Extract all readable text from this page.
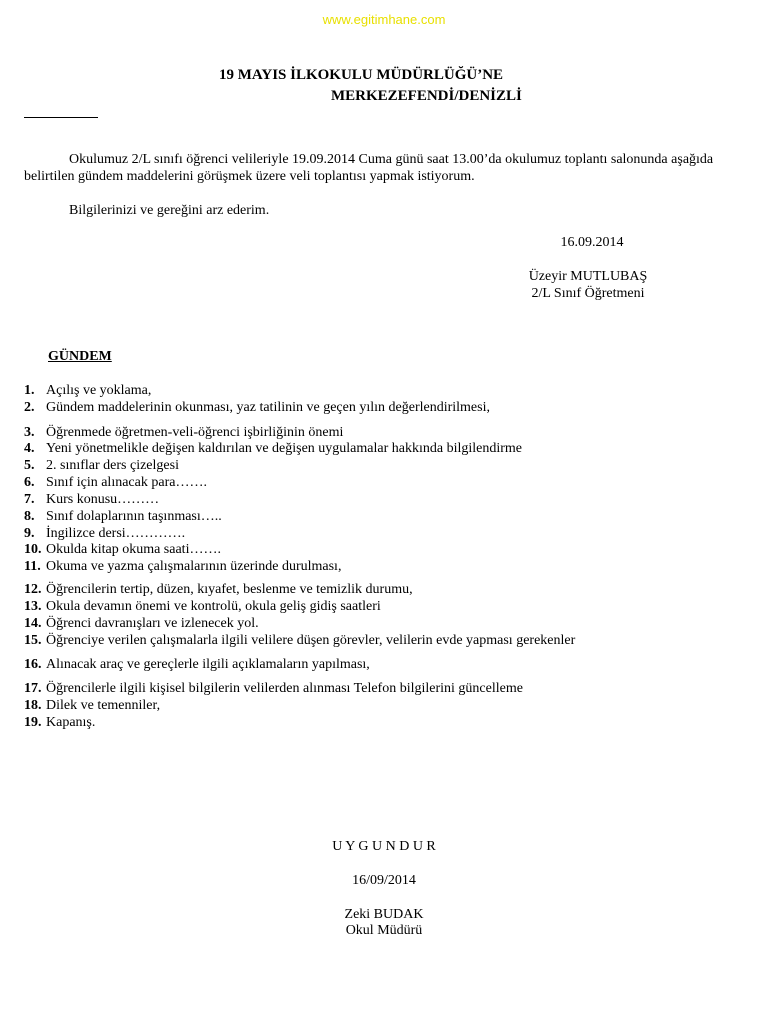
www.egitimhane.com
19 MAYIS İLKOKULU MÜDÜRLÜĞÜ’NE
MERKEZEFENDİ/DENİZLİ
Okulumuz 2/L sınıfı öğrenci velileriyle 19.09.2014 Cuma günü saat 13.00’da okulumuz toplantı salonunda aşağıda belirtilen gündem maddelerini görüşmek üzere veli toplantısı yapmak istiyorum.
Bilgilerinizi ve gereğini arz ederim.
16.09.2014
Üzeyir MUTLUBAŞ
2/L Sınıf Öğretmeni
GÜNDEM
1. Açılış ve yoklama,
2. Gündem maddelerinin okunması, yaz tatilinin ve geçen yılın değerlendirilmesi,
3. Öğrenmede öğretmen-veli-öğrenci işbirliğinin önemi
4. Yeni yönetmelikle değişen kaldırılan ve değişen uygulamalar hakkında bilgilendirme
5. 2. sınıflar ders çizelgesi
6. Sınıf için alınacak para…….
7. Kurs konusu………
8. Sınıf dolaplarının taşınması…..
9. İngilizce dersi………….
10. Okulda kitap okuma saati…….
11. Okuma ve yazma çalışmalarının üzerinde durulması,
12. Öğrencilerin tertip, düzen, kıyafet, beslenme ve temizlik durumu,
13. Okula devamın önemi ve kontrolü, okula geliş gidiş saatleri
14. Öğrenci davranışları ve izlenecek yol.
15. Öğrenciye verilen çalışmalarla ilgili velilere düşen görevler, velilerin evde yapması gerekenler
16. Alınacak araç ve gereçlerle ilgili açıklamaların yapılması,
17. Öğrencilerle ilgili kişisel bilgilerin velilerden alınması Telefon bilgilerini güncelleme
18. Dilek ve temenniler,
19. Kapanış.
U Y G U N D U R
16/09/2014
Zeki BUDAK
Okul Müdürü
